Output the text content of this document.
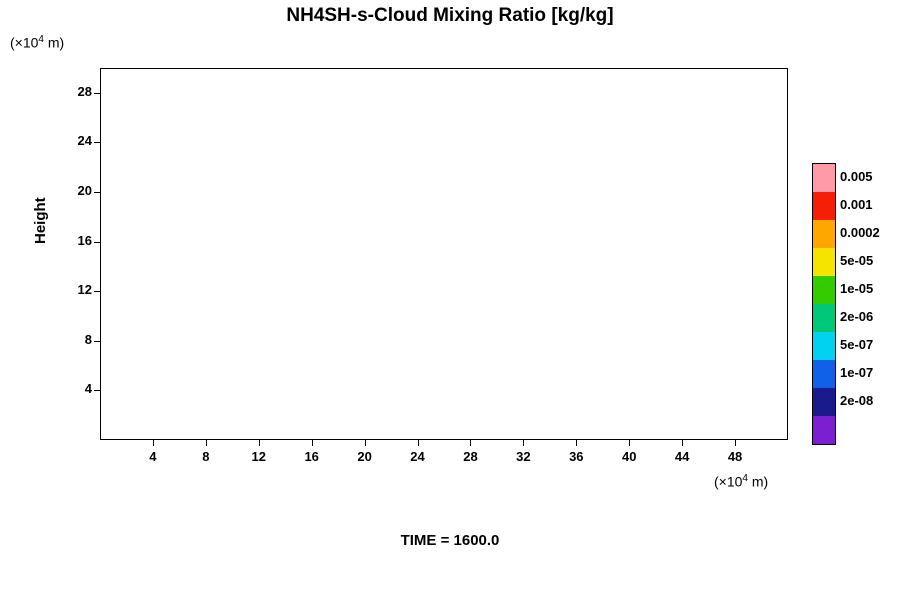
NH4SH-s-Cloud Mixing Ratio [kg/kg]
($\times 10^4$ m)
($\times 10^4$ m)
Height
4
8
12
16
20
24
28
4	8	12	16	20	24	28	32	36	40	44	48
0.005
0.001
0.0002
5e-05
1e-05
2e-06
5e-07
1e-07
2e-08
TIME = 1600.0
